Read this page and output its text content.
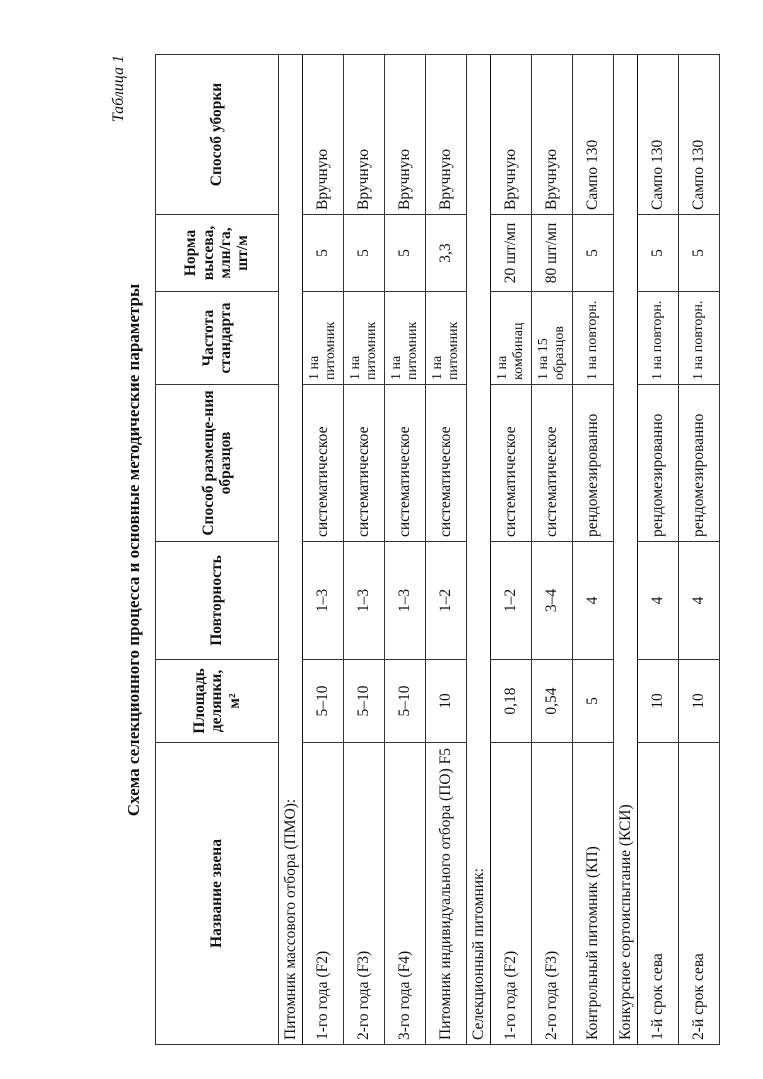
Таблица 1
Схема селекционного процесса и основные методические параметры
Название звена	Площадь делянки, м²	Повторность	Способ размеще-ния образцов	Частота стандарта	Норма высева, млн/га, шт/м	Способ уборки
Питомник массового отбора (ПМО):						
1-го года (F2)	5–10	1–3	систематическое	1 на питомник	5	Вручную
2-го года (F3)	5–10	1–3	систематическое	1 на питомник	5	Вручную
3-го года (F4)	5–10	1–3	систематическое	1 на питомник	5	Вручную
Питомник индивидуального отбора (ПО) F5	10	1–2	систематическое	1 на питомник	3,3	Вручную
Селекционный питомник:						
1-го года (F2)	0,18	1–2	систематическое	1 на комбинац	20 шт/мп	Вручную
2-го года (F3)	0,54	3–4	систематическое	1 на 15 образцов	80 шт/мп	Вручную
Контрольный питомник (КП)	5	4	рендомезированно	1 на повторн.	5	Сампо 130
Конкурсное сортоиспытание (КСИ)						
1-й срок сева	10	4	рендомезированно	1 на повторн.	5	Сампо 130
2-й срок сева	10	4	рендомезированно	1 на повторн.	5	Сампо 130
